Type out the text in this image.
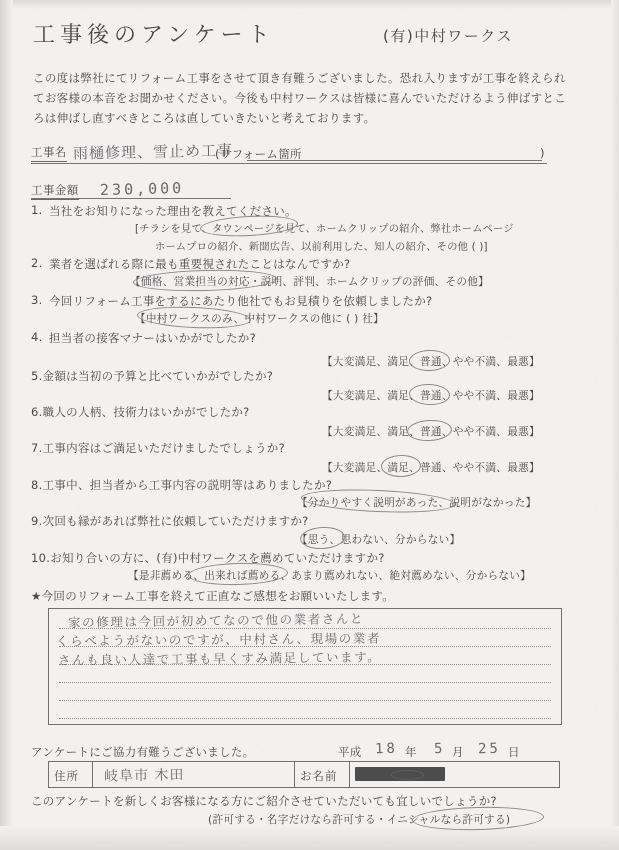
工事後のアンケート	(有)中村ワークス
この度は弊社にてリフォーム工事をさせて頂き有難うございました。恐れ入りますが工事を終えられてお客様の本音をお聞かせください。今後も中村ワークスは皆様に喜んでいただけるよう伸ばすところは伸ばし直すべきところは直していきたいと考えております。
工事名 雨樋修理、雪止め工事
(リフォーム箇所	)
工事金額 230,000
1. 当社をお知りになった理由を教えてください。
[チラシを見て、タウンページを見て、ホームクリップの紹介、弊社ホームページ
ホームプロの紹介、新聞広告、以前利用した、知人の紹介、その他 ( )]
2. 業者を選ばれる際に最も重要視されたことはなんですか?
【価格、営業担当の対応・説明、評判、ホームクリップの評価、その他】
3. 今回リフォーム工事をするにあたり他社でもお見積りを依頼しましたか?
【中村ワークスのみ、中村ワークスの他に ( ) 社】
4. 担当者の接客マナーはいかがでしたか?
【大変満足、満足、普通、やや不満、最悪】
5.金額は当初の予算と比べていかがでしたか?
【大変満足、満足、普通、やや不満、最悪】
6.職人の人柄、技術力はいかがでしたか?
【大変満足、満足、普通、やや不満、最悪】
7.工事内容はご満足いただけましたでしょうか?
【大変満足、満足、普通、やや不満、最悪】
8.工事中、担当者から工事内容の説明等はありましたか?
【分かりやすく説明があった、説明がなかった】
9.次回も縁があれば弊社に依頼していただけますか?
【思う、思わない、分からない】
10.お知り合いの方に、(有)中村ワークスを薦めていただけますか?
【是非薦める、出来れば薦める、あまり薦めれない、絶対薦めない、分からない】
★今回のリフォーム工事を終えて正直なご感想をお願いいたします。
家の修理は今回が初めてなので他の業者さんと
くらべようがないのですが、中村さん、現場の業者
さんも良い人達で工事も早くすみ満足しています。
アンケートにご協力有難うございました。	平成 18 年 5 月 25 日
住所 岐阜市 木田	お名前
このアンケートを新しくお客様になる方にご紹介させていただいても宜しいでしょうか?
(許可する・名字だけなら許可する・イニシャルなら許可する)
